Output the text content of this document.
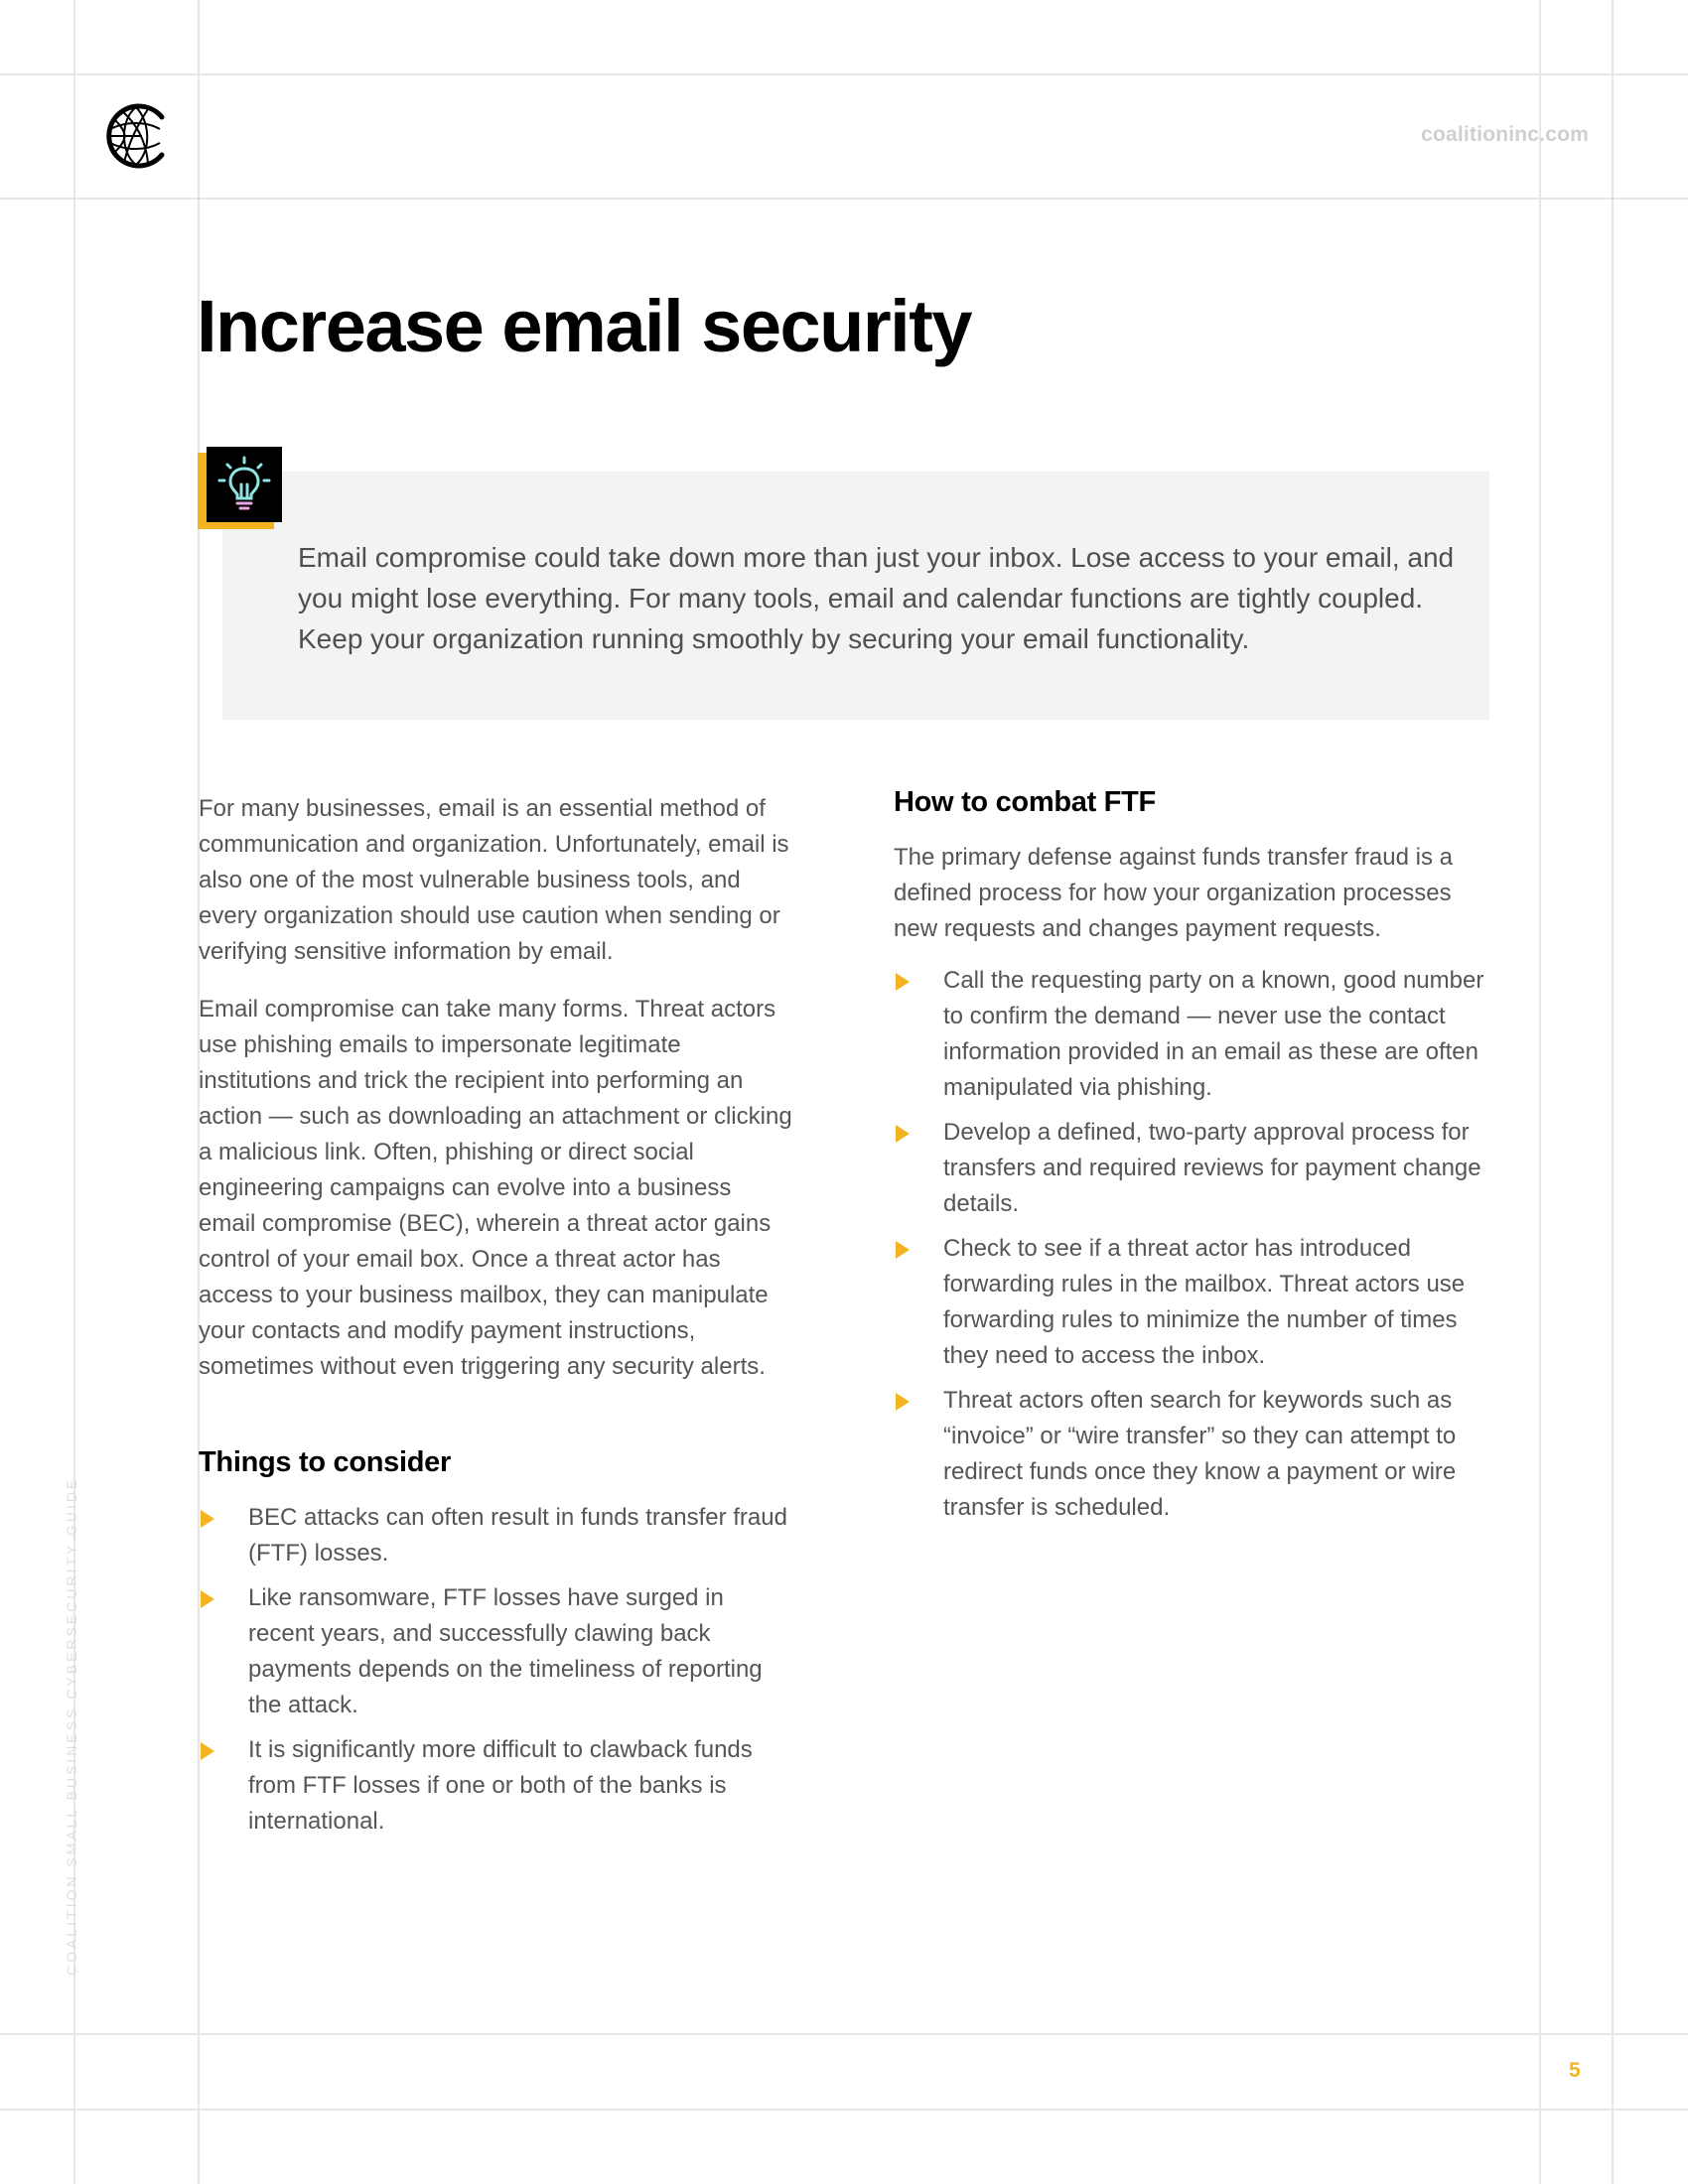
coalitioninc.com
Increase email security

Email compromise could take down more than just your inbox. Lose access to your email, and you might lose everything. For many tools, email and calendar functions are tightly coupled. Keep your organization running smoothly by securing your email functionality.

For many businesses, email is an essential method of communication and organization. Unfortunately, email is also one of the most vulnerable business tools, and every organization should use caution when sending or verifying sensitive information by email.

Email compromise can take many forms. Threat actors use phishing emails to impersonate legitimate institutions and trick the recipient into performing an action — such as downloading an attachment or clicking a malicious link. Often, phishing or direct social engineering campaigns can evolve into a business email compromise (BEC), wherein a threat actor gains control of your email box. Once a threat actor has access to your business mailbox, they can manipulate your contacts and modify payment instructions, sometimes without even triggering any security alerts.

Things to consider
BEC attacks can often result in funds transfer fraud (FTF) losses.
Like ransomware, FTF losses have surged in recent years, and successfully clawing back payments depends on the timeliness of reporting the attack.
It is significantly more difficult to clawback funds from FTF losses if one or both of the banks is international.
How to combat FTF

The primary defense against funds transfer fraud is a defined process for how your organization processes new requests and changes payment requests.

Call the requesting party on a known, good number to confirm the demand — never use the contact information provided in an email as these are often manipulated via phishing.
Develop a defined, two-party approval process for transfers and required reviews for payment change details.
Check to see if a threat actor has introduced forwarding rules in the mailbox. Threat actors use forwarding rules to minimize the number of times they need to access the inbox.
Threat actors often search for keywords such as “invoice” or “wire transfer” so they can attempt to redirect funds once they know a payment or wire transfer is scheduled.
COALITION SMALL BUSINESS CYBERSECURITY GUIDE
5
